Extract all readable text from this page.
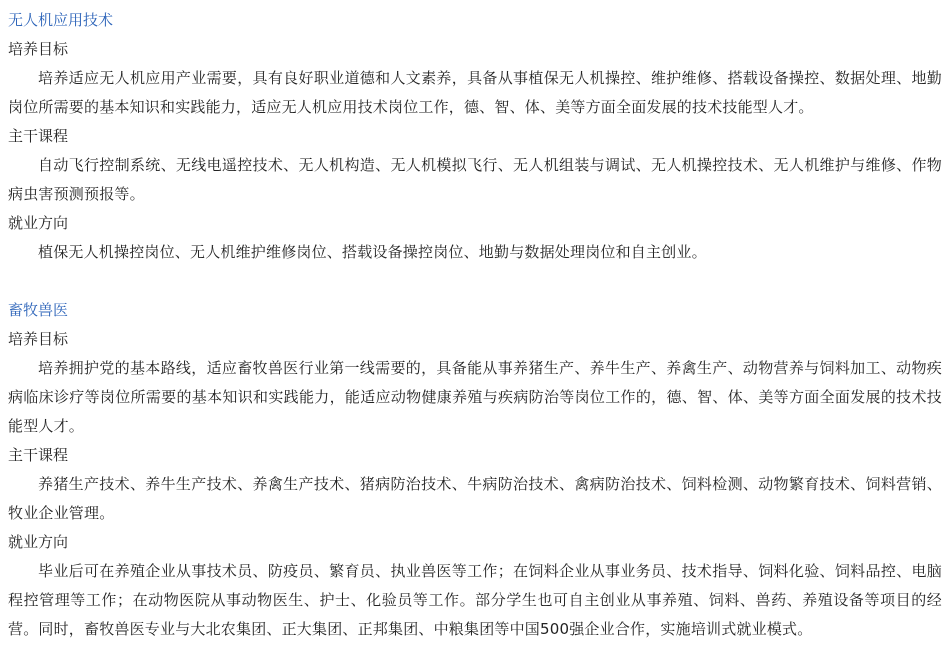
无人机应用技术
培养目标

培养适应无人机应用产业需要，具有良好职业道德和人文素养，具备从事植保无人机操控、维护维修、搭载设备操控、数据处理、地勤岗位所需要的基本知识和实践能力，适应无人机应用技术岗位工作，德、智、体、美等方面全面发展的技术技能型人才。

主干课程

自动飞行控制系统、无线电遥控技术、无人机构造、无人机模拟飞行、无人机组装与调试、无人机操控技术、无人机维护与维修、作物病虫害预测预报等。

就业方向

植保无人机操控岗位、无人机维护维修岗位、搭载设备操控岗位、地勤与数据处理岗位和自主创业。

畜牧兽医
培养目标

培养拥护党的基本路线，适应畜牧兽医行业第一线需要的，具备能从事养猪生产、养牛生产、养禽生产、动物营养与饲料加工、动物疾病临床诊疗等岗位所需要的基本知识和实践能力，能适应动物健康养殖与疾病防治等岗位工作的，德、智、体、美等方面全面发展的技术技能型人才。

主干课程

养猪生产技术、养牛生产技术、养禽生产技术、猪病防治技术、牛病防治技术、禽病防治技术、饲料检测、动物繁育技术、饲料营销、牧业企业管理。

就业方向

毕业后可在养殖企业从事技术员、防疫员、繁育员、执业兽医等工作；在饲料企业从事业务员、技术指导、饲料化验、饲料品控、电脑程控管理等工作；在动物医院从事动物医生、护士、化验员等工作。部分学生也可自主创业从事养殖、饲料、兽药、养殖设备等项目的经营。同时，畜牧兽医专业与大北农集团、正大集团、正邦集团、中粮集团等中国500强企业合作，实施培训式就业模式。
